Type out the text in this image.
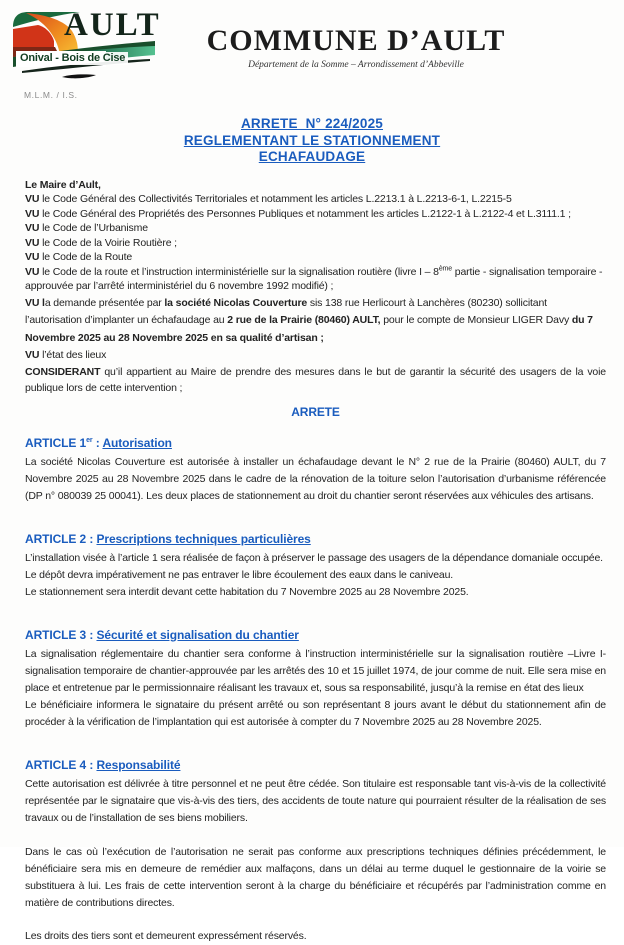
AULT
Onival - Bois de Cise
COMMUNE D’AULT
Département de la Somme – Arrondissement d’Abbeville
M.L.M. / I.S.
ARRETE  N° 224/2025
REGLEMENTANT LE STATIONNEMENT
ECHAFAUDAGE
Le Maire d’Ault,
VU le Code Général des Collectivités Territoriales et notamment les articles L.2213.1 à L.2213-6-1, L.2215-5
VU le Code Général des Propriétés des Personnes Publiques et notamment les articles L.2122-1 à L.2122-4 et L.3111.1 ;
VU le Code de l’Urbanisme
VU le Code de la Voirie Routière ;
VU le Code de la Route
VU le Code de la route et l’instruction interministérielle sur la signalisation routière (livre I – 8ème partie - signalisation temporaire - approuvée par l’arrêté interministériel du 6 novembre 1992 modifié) ;
VU la demande présentée par la société Nicolas Couverture sis 138 rue Herlicourt à Lanchères (80230) sollicitant l’autorisation d’implanter un échafaudage au 2 rue de la Prairie (80460) AULT, pour le compte de Monsieur LIGER Davy du 7 Novembre 2025 au 28 Novembre 2025 en sa qualité d’artisan ;
VU l’état des lieux
CONSIDERANT qu’il appartient au Maire de prendre des mesures dans le but de garantir la sécurité des usagers de la voie publique lors de cette intervention ;
ARRETE
ARTICLE 1er : Autorisation

La société Nicolas Couverture est autorisée à installer un échafaudage devant le N° 2 rue de la Prairie (80460) AULT, du 7 Novembre 2025 au 28 Novembre 2025 dans le cadre de la rénovation de la toiture selon l’autorisation d’urbanisme référencée (DP n° 080039 25 00041). Les deux places de stationnement au droit du chantier seront réservées aux véhicules des artisans.

ARTICLE 2 : Prescriptions techniques particulières

L’installation visée à l’article 1 sera réalisée de façon à préserver le passage des usagers de la dépendance domaniale occupée.

Le dépôt devra impérativement ne pas entraver le libre écoulement des eaux dans le caniveau.

Le stationnement sera interdit devant cette habitation du 7 Novembre 2025 au 28 Novembre 2025.

ARTICLE 3 : Sécurité et signalisation du chantier

La signalisation réglementaire du chantier sera conforme à l’instruction interministérielle sur la signalisation routière –Livre I- signalisation temporaire de chantier-approuvée par les arrêtés des 10 et 15 juillet 1974, de jour comme de nuit. Elle sera mise en place et entretenue par le permissionnaire réalisant les travaux et, sous sa responsabilité, jusqu’à la remise en état des lieux

Le bénéficiaire informera le signataire du présent arrêté ou son représentant 8 jours avant le début du stationnement afin de procéder à la vérification de l’implantation qui est autorisée à compter du 7 Novembre 2025 au 28 Novembre 2025.

ARTICLE 4 : Responsabilité

Cette autorisation est délivrée à titre personnel et ne peut être cédée. Son titulaire est responsable tant vis-à-vis de la collectivité représentée par le signataire que vis-à-vis des tiers, des accidents de toute nature qui pourraient résulter de la réalisation de ses travaux ou de l’installation de ses biens mobiliers.

Dans le cas où l’exécution de l’autorisation ne serait pas conforme aux prescriptions techniques définies précédemment, le bénéficiaire sera mis en demeure de remédier aux malfaçons, dans un délai au terme duquel le gestionnaire de la voirie se substituera à lui. Les frais de cette intervention seront à la charge du bénéficiaire et récupérés par l’administration comme en matière de contributions directes.

Les droits des tiers sont et demeurent expressément réservés.
